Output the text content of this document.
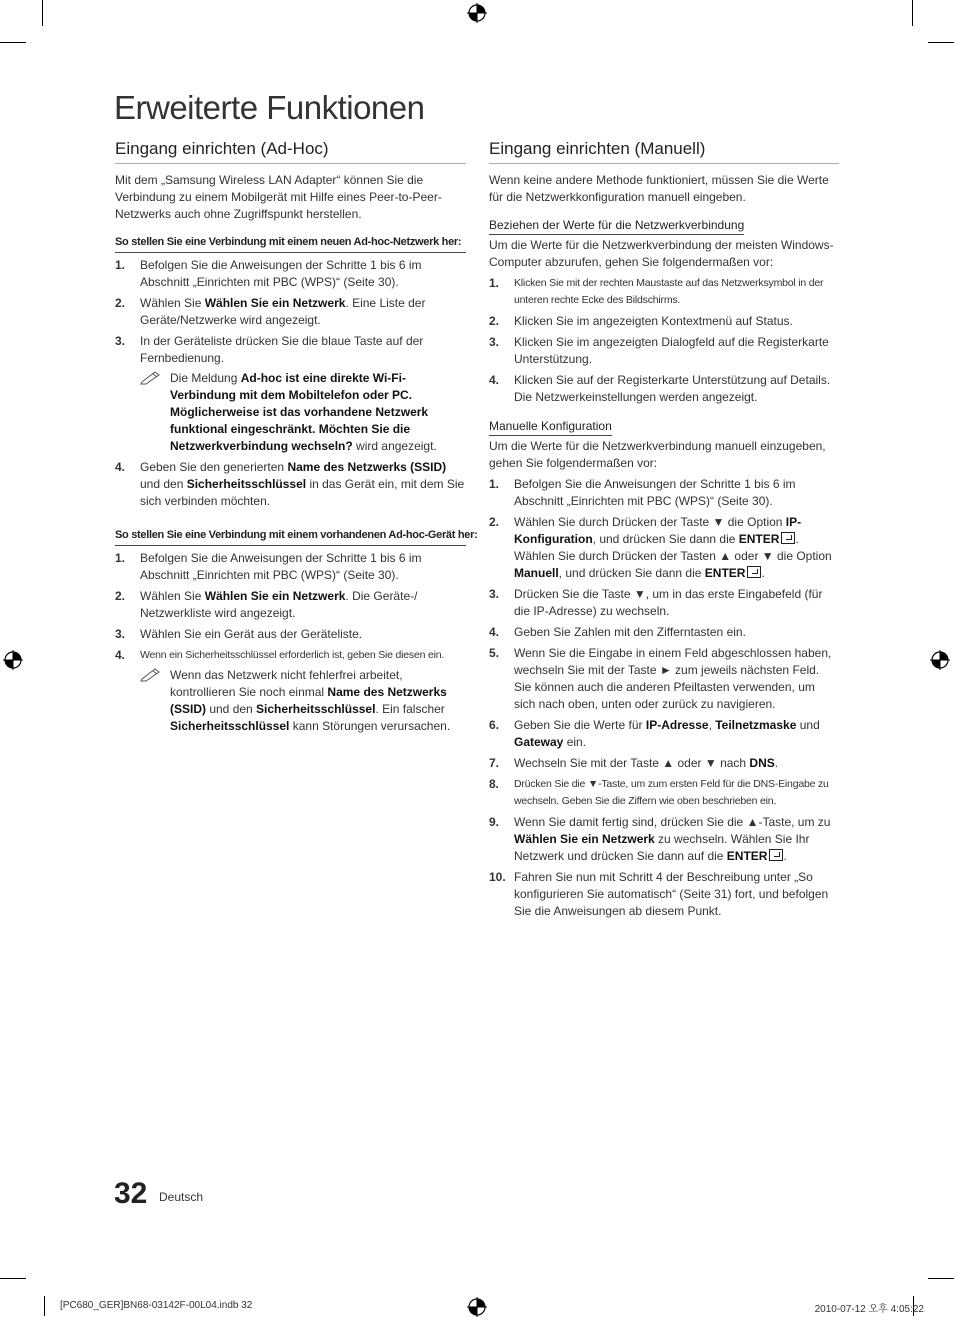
Erweiterte Funktionen
Eingang einrichten (Ad-Hoc)

Mit dem „Samsung Wireless LAN Adapter“ können Sie die Verbindung zu einem Mobilgerät mit Hilfe eines Peer-to-Peer-Netzwerks auch ohne Zugriffspunkt herstellen.

So stellen Sie eine Verbindung mit einem neuen Ad-hoc-Netzwerk her:
1. Befolgen Sie die Anweisungen der Schritte 1 bis 6 im Abschnitt „Einrichten mit PBC (WPS)“ (Seite 30).
2. Wählen Sie Wählen Sie ein Netzwerk. Eine Liste der Geräte/Netzwerke wird angezeigt.
3. In der Geräteliste drücken Sie die blaue Taste auf der Fernbedienung.
Die Meldung Ad-hoc ist eine direkte Wi-Fi-Verbindung mit dem Mobiltelefon oder PC. Möglicherweise ist das vorhandene Netzwerk funktional eingeschränkt. Möchten Sie die Netzwerkverbindung wechseln? wird angezeigt.
4. Geben Sie den generierten Name des Netzwerks (SSID) und den Sicherheitsschlüssel in das Gerät ein, mit dem Sie sich verbinden möchten.
So stellen Sie eine Verbindung mit einem vorhandenen Ad-hoc-Gerät her:
1. Befolgen Sie die Anweisungen der Schritte 1 bis 6 im Abschnitt „Einrichten mit PBC (WPS)“ (Seite 30).
2. Wählen Sie Wählen Sie ein Netzwerk. Die Geräte-/ Netzwerkliste wird angezeigt.
3. Wählen Sie ein Gerät aus der Geräteliste.
4. Wenn ein Sicherheitsschlüssel erforderlich ist, geben Sie diesen ein.
Wenn das Netzwerk nicht fehlerfrei arbeitet, kontrollieren Sie noch einmal Name des Netzwerks (SSID) und den Sicherheitsschlüssel. Ein falscher Sicherheitsschlüssel kann Störungen verursachen.
Eingang einrichten (Manuell)

Wenn keine andere Methode funktioniert, müssen Sie die Werte für die Netzwerkkonfiguration manuell eingeben.

Beziehen der Werte für die Netzwerkverbindung

Um die Werte für die Netzwerkverbindung der meisten Windows-Computer abzurufen, gehen Sie folgendermaßen vor:

1. Klicken Sie mit der rechten Maustaste auf das Netzwerksymbol in der unteren rechte Ecke des Bildschirms.
2. Klicken Sie im angezeigten Kontextmenü auf Status.
3. Klicken Sie im angezeigten Dialogfeld auf die Registerkarte Unterstützung.
4. Klicken Sie auf der Registerkarte Unterstützung auf Details. Die Netzwerkeinstellungen werden angezeigt.
Manuelle Konfiguration

Um die Werte für die Netzwerkverbindung manuell einzugeben, gehen Sie folgendermaßen vor:

1. Befolgen Sie die Anweisungen der Schritte 1 bis 6 im Abschnitt „Einrichten mit PBC (WPS)“ (Seite 30).
2. Wählen Sie durch Drücken der Taste ▼ die Option IP-Konfiguration, und drücken Sie dann die ENTER . Wählen Sie durch Drücken der Tasten ▲ oder ▼ die Option Manuell, und drücken Sie dann die ENTER .
3. Drücken Sie die Taste ▼, um in das erste Eingabefeld (für die IP-Adresse) zu wechseln.
4. Geben Sie Zahlen mit den Zifferntasten ein.
5. Wenn Sie die Eingabe in einem Feld abgeschlossen haben, wechseln Sie mit der Taste ► zum jeweils nächsten Feld. Sie können auch die anderen Pfeiltasten verwenden, um sich nach oben, unten oder zurück zu navigieren.
6. Geben Sie die Werte für IP-Adresse, Teilnetzmaske und Gateway ein.
7. Wechseln Sie mit der Taste ▲ oder ▼ nach DNS.
8. Drücken Sie die ▼-Taste, um zum ersten Feld für die DNS-Eingabe zu wechseln. Geben Sie die Ziffern wie oben beschrieben ein.
9. Wenn Sie damit fertig sind, drücken Sie die ▲-Taste, um zu Wählen Sie ein Netzwerk zu wechseln. Wählen Sie Ihr Netzwerk und drücken Sie dann auf die ENTER .
10. Fahren Sie nun mit Schritt 4 der Beschreibung unter „So konfigurieren Sie automatisch“ (Seite 31) fort, und befolgen Sie die Anweisungen ab diesem Punkt.
32 Deutsch
[PC680_GER]BN68-03142F-00L04.indb 32	2010-07-12 오후 4:05:22
